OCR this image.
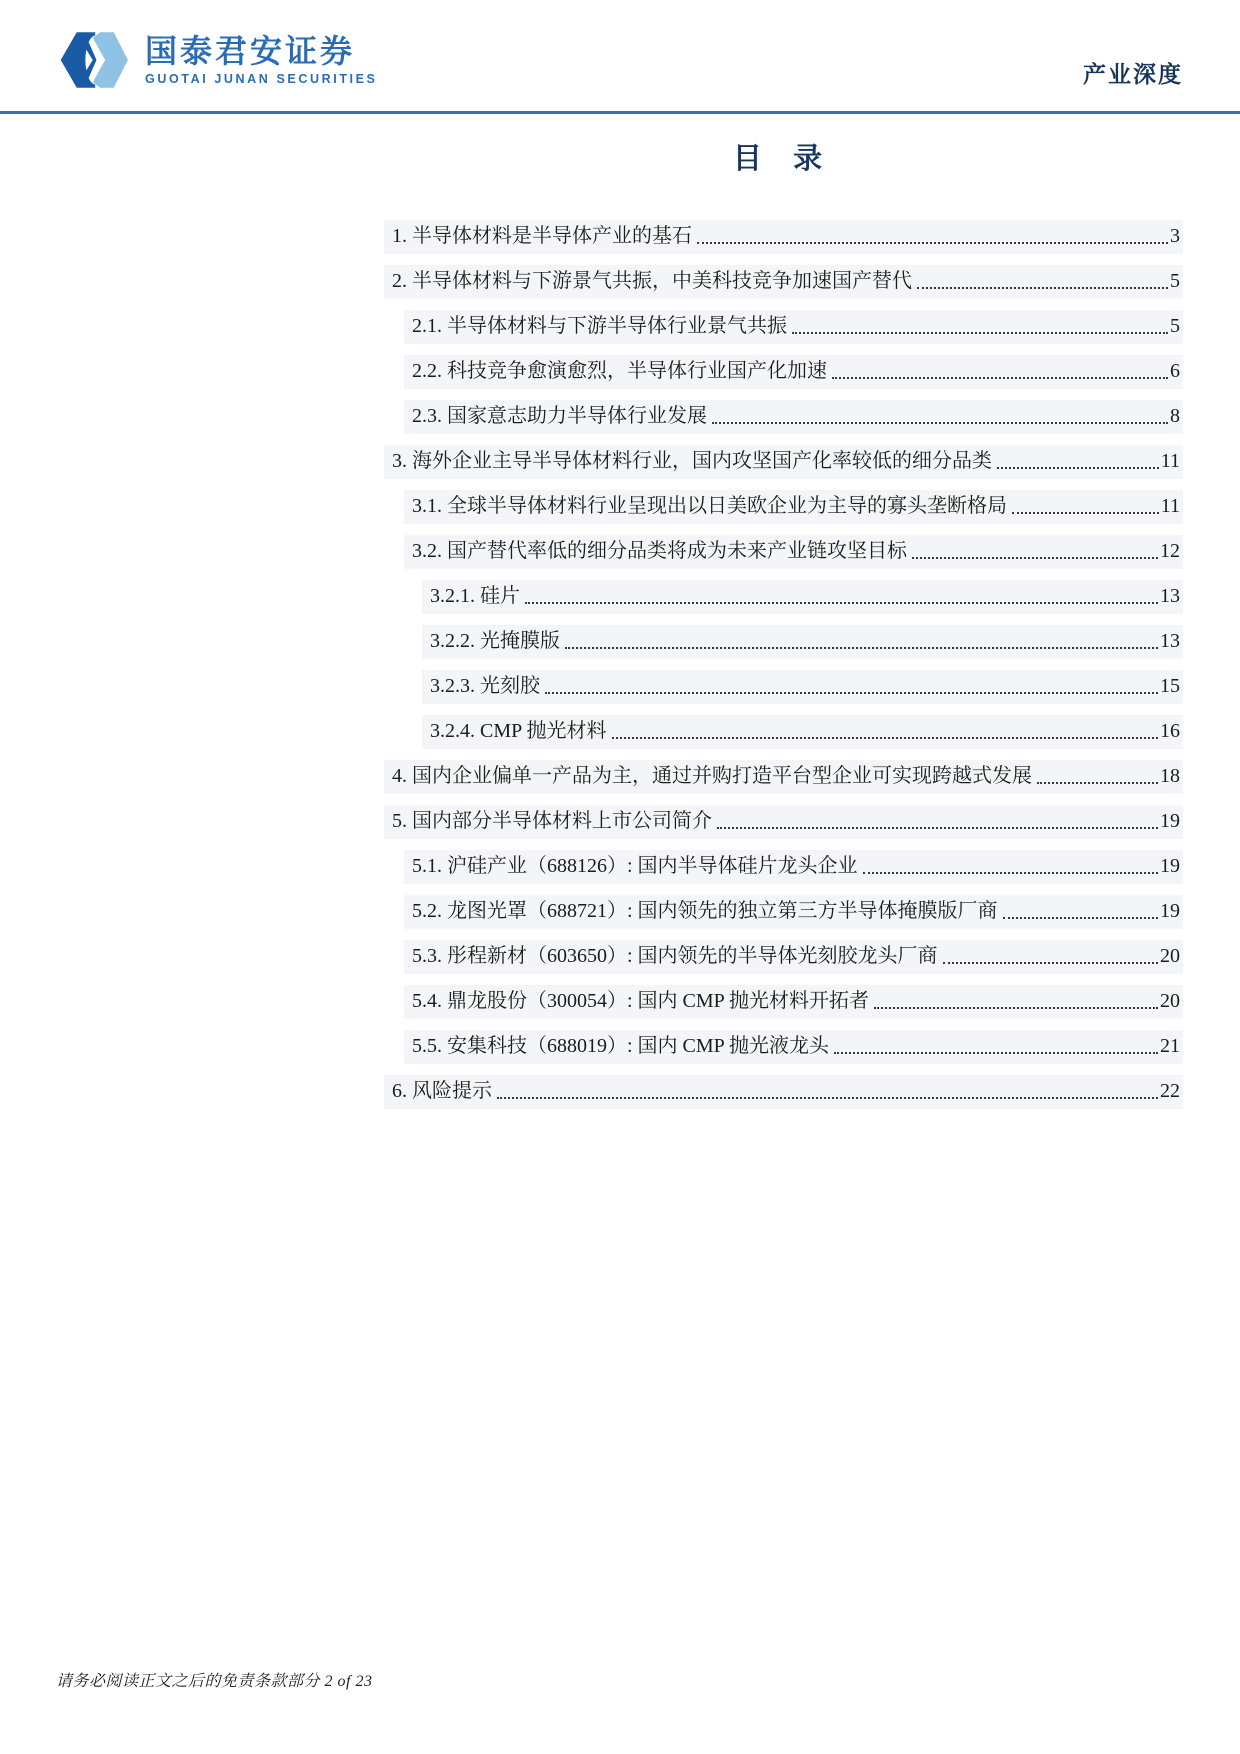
国泰君安证券
GUOTAI JUNAN SECURITIES	产业深度
目 录
1. 半导体材料是半导体产业的基石	3
2. 半导体材料与下游景气共振，中美科技竞争加速国产替代	5
2.1. 半导体材料与下游半导体行业景气共振	5
2.2. 科技竞争愈演愈烈，半导体行业国产化加速	6
2.3. 国家意志助力半导体行业发展	8
3. 海外企业主导半导体材料行业，国内攻坚国产化率较低的细分品类	11
3.1. 全球半导体材料行业呈现出以日美欧企业为主导的寡头垄断格局	11
3.2. 国产替代率低的细分品类将成为未来产业链攻坚目标	12
3.2.1. 硅片	13
3.2.2. 光掩膜版	13
3.2.3. 光刻胶	15
3.2.4. CMP 抛光材料	16
4. 国内企业偏单一产品为主，通过并购打造平台型企业可实现跨越式发展	18
5. 国内部分半导体材料上市公司简介	19
5.1. 沪硅产业（688126）: 国内半导体硅片龙头企业	19
5.2. 龙图光罩（688721）: 国内领先的独立第三方半导体掩膜版厂商	19
5.3. 彤程新材（603650）: 国内领先的半导体光刻胶龙头厂商	20
5.4. 鼎龙股份（300054）: 国内 CMP 抛光材料开拓者	20
5.5. 安集科技（688019）: 国内 CMP 抛光液龙头	21
6. 风险提示	22
请务必阅读正文之后的免责条款部分 2 of 23
